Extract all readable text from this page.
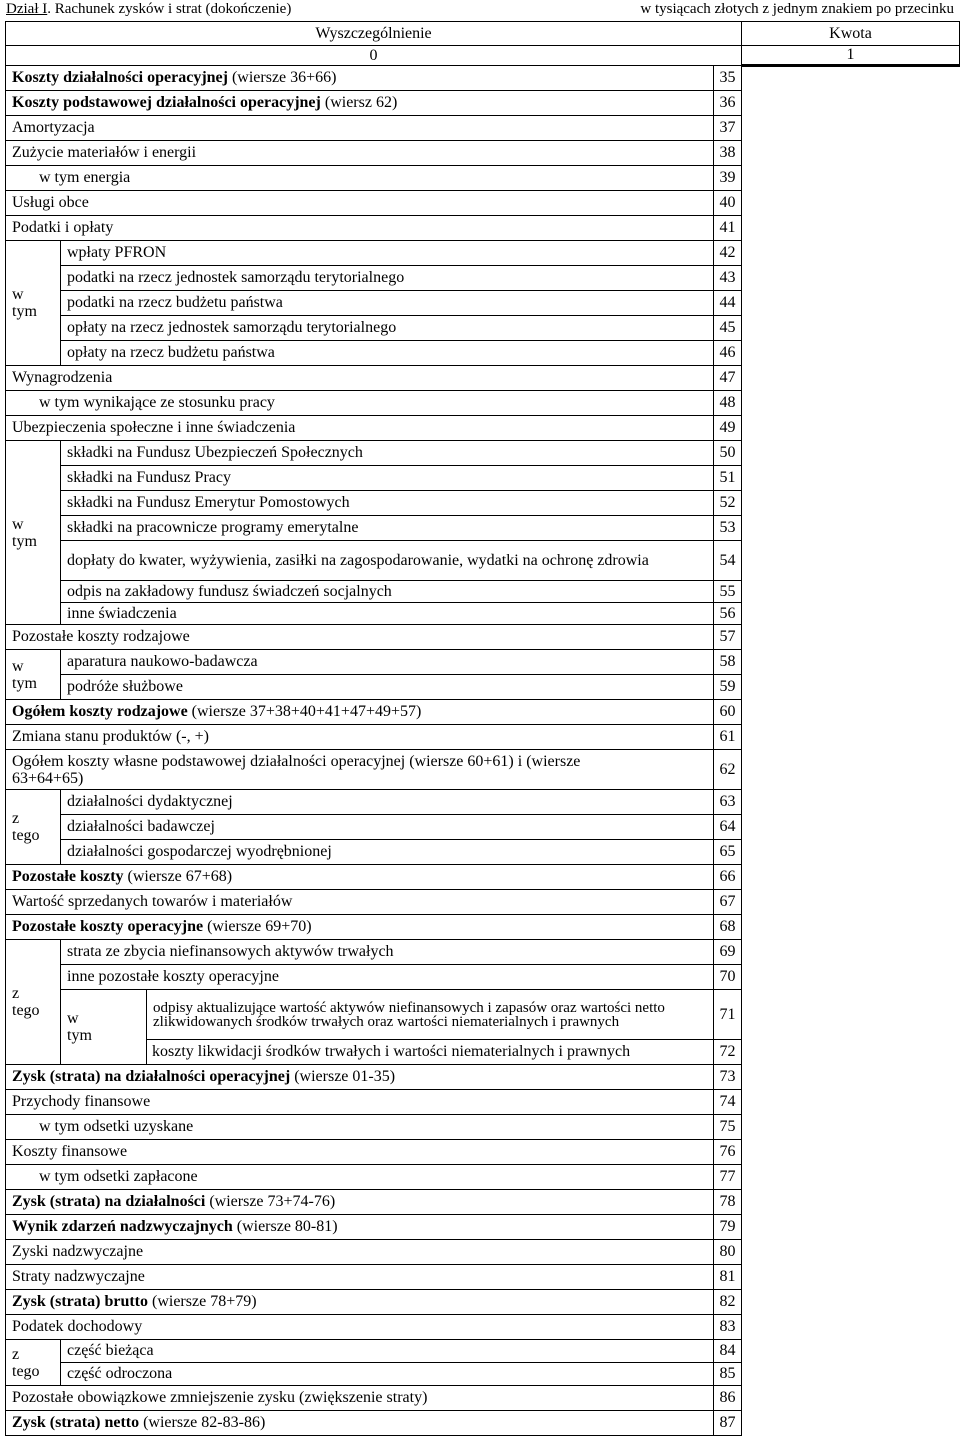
Dział I. Rachunek zysków i strat (dokończenie)	w tysiącach złotych z jednym znakiem po przecinku
Wyszczególnienie				Kwota
0				1
Koszty działalności operacyjnej (wiersze 36+66)			35	
Koszty podstawowej działalności operacyjnej (wiersz 62)			36	
Amortyzacja			37	
Zużycie materiałów i energii			38	
w tym energia			39	
Usługi obce			40	
Podatki i opłaty			41	
w
tym	wpłaty PFRON		42	
	podatki na rzecz jednostek samorządu terytorialnego		43	
	podatki na rzecz budżetu państwa		44	
	opłaty na rzecz jednostek samorządu terytorialnego		45	
	opłaty na rzecz budżetu państwa		46	
Wynagrodzenia			47	
w tym wynikające ze stosunku pracy			48	
Ubezpieczenia społeczne i inne świadczenia			49	
w
tym	składki na Fundusz Ubezpieczeń Społecznych		50	
	składki na Fundusz Pracy		51	
	składki na Fundusz Emerytur Pomostowych		52	
	składki na pracownicze programy emerytalne		53	
	dopłaty do kwater, wyżywienia, zasiłki na zagospodarowanie, wydatki na ochronę zdrowia		54	
	odpis na zakładowy fundusz świadczeń socjalnych		55	
	inne świadczenia		56	
Pozostałe koszty rodzajowe			57	
w
tym	aparatura naukowo-badawcza		58	
	podróże służbowe		59	
Ogółem koszty rodzajowe (wiersze 37+38+40+41+47+49+57)			60	
Zmiana stanu produktów (-, +)			61	
Ogółem koszty własne podstawowej działalności operacyjnej (wiersze 60+61) i (wiersze 63+64+65)			62	
z
tego	działalności dydaktycznej		63	
	działalności badawczej		64	
	działalności gospodarczej wyodrębnionej		65	
Pozostałe koszty (wiersze 67+68)			66	
Wartość sprzedanych towarów i materiałów			67	
Pozostałe koszty operacyjne (wiersze 69+70)			68	
z
tego	strata ze zbycia niefinansowych aktywów trwałych		69	
	inne pozostałe koszty operacyjne		70	
	w
tym	odpisy aktualizujące wartość aktywów niefinansowych i zapasów oraz wartości netto zlikwidowanych środków trwałych oraz wartości niematerialnych i prawnych	71	
		koszty likwidacji środków trwałych i wartości niematerialnych i prawnych	72	
Zysk (strata) na działalności operacyjnej (wiersze 01-35)			73	
Przychody finansowe			74	
w tym odsetki uzyskane			75	
Koszty finansowe			76	
w tym odsetki zapłacone			77	
Zysk (strata) na działalności (wiersze 73+74-76)			78	
Wynik zdarzeń nadzwyczajnych (wiersze 80-81)			79	
Zyski nadzwyczajne			80	
Straty nadzwyczajne			81	
Zysk (strata) brutto (wiersze 78+79)			82	
Podatek dochodowy			83	
z
tego	część bieżąca		84	
	część odroczona		85	
Pozostałe obowiązkowe zmniejszenie zysku (zwiększenie straty)			86	
Zysk (strata) netto (wiersze 82-83-86)			87	
